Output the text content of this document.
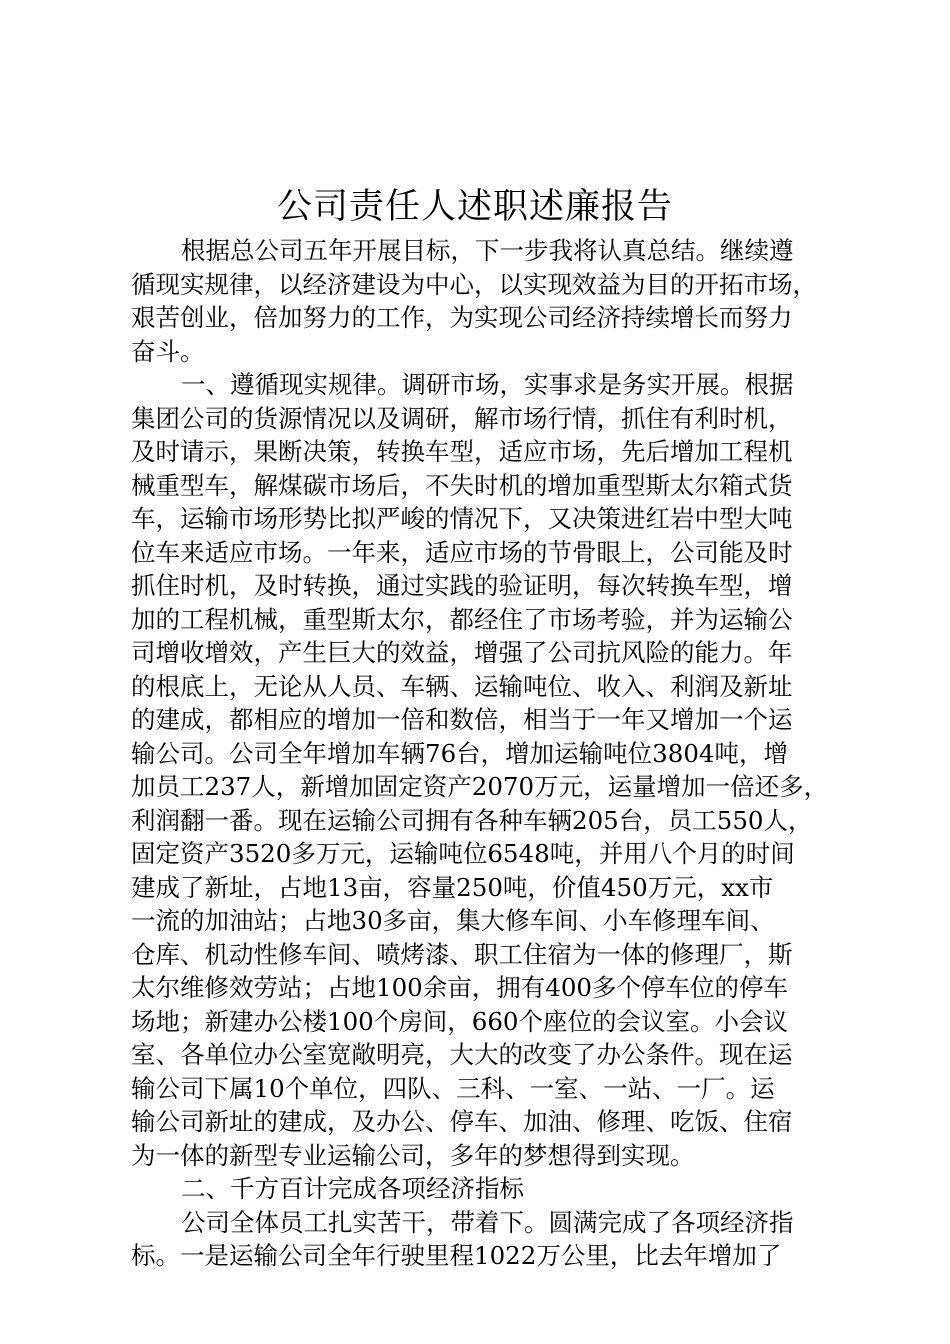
公司责任人述职述廉报告
根据总公司五年开展目标，下一步我将认真总结。继续遵
循现实规律，以经济建设为中心，以实现效益为目的开拓市场，
艰苦创业，倍加努力的工作，为实现公司经济持续增长而努力
奋斗。
一、遵循现实规律。调研市场，实事求是务实开展。根据
集团公司的货源情况以及调研，解市场行情，抓住有利时机，
及时请示，果断决策，转换车型，适应市场，先后增加工程机
械重型车，解煤碳市场后，不失时机的增加重型斯太尔箱式货
车，运输市场形势比拟严峻的情况下，又决策进红岩中型大吨
位车来适应市场。一年来，适应市场的节骨眼上，公司能及时
抓住时机，及时转换，通过实践的验证明，每次转换车型，增
加的工程机械，重型斯太尔，都经住了市场考验，并为运输公
司增收增效，产生巨大的效益，增强了公司抗风险的能力。年
的根底上，无论从人员、车辆、运输吨位、收入、利润及新址
的建成，都相应的增加一倍和数倍，相当于一年又增加一个运
输公司。公司全年增加车辆76台，增加运输吨位3804吨，增
加员工237人，新增加固定资产2070万元，运量增加一倍还多，
利润翻一番。现在运输公司拥有各种车辆205台，员工550人，
固定资产3520多万元，运输吨位6548吨，并用八个月的时间
建成了新址，占地13亩，容量250吨，价值450万元，xx市
一流的加油站；占地30多亩，集大修车间、小车修理车间、
仓库、机动性修车间、喷烤漆、职工住宿为一体的修理厂，斯
太尔维修效劳站；占地100余亩，拥有400多个停车位的停车
场地；新建办公楼100个房间，660个座位的会议室。小会议
室、各单位办公室宽敞明亮，大大的改变了办公条件。现在运
输公司下属10个单位，四队、三科、一室、一站、一厂。运
输公司新址的建成，及办公、停车、加油、修理、吃饭、住宿
为一体的新型专业运输公司，多年的梦想得到实现。
二、千方百计完成各项经济指标
公司全体员工扎实苦干，带着下。圆满完成了各项经济指
标。一是运输公司全年行驶里程1022万公里，比去年增加了
